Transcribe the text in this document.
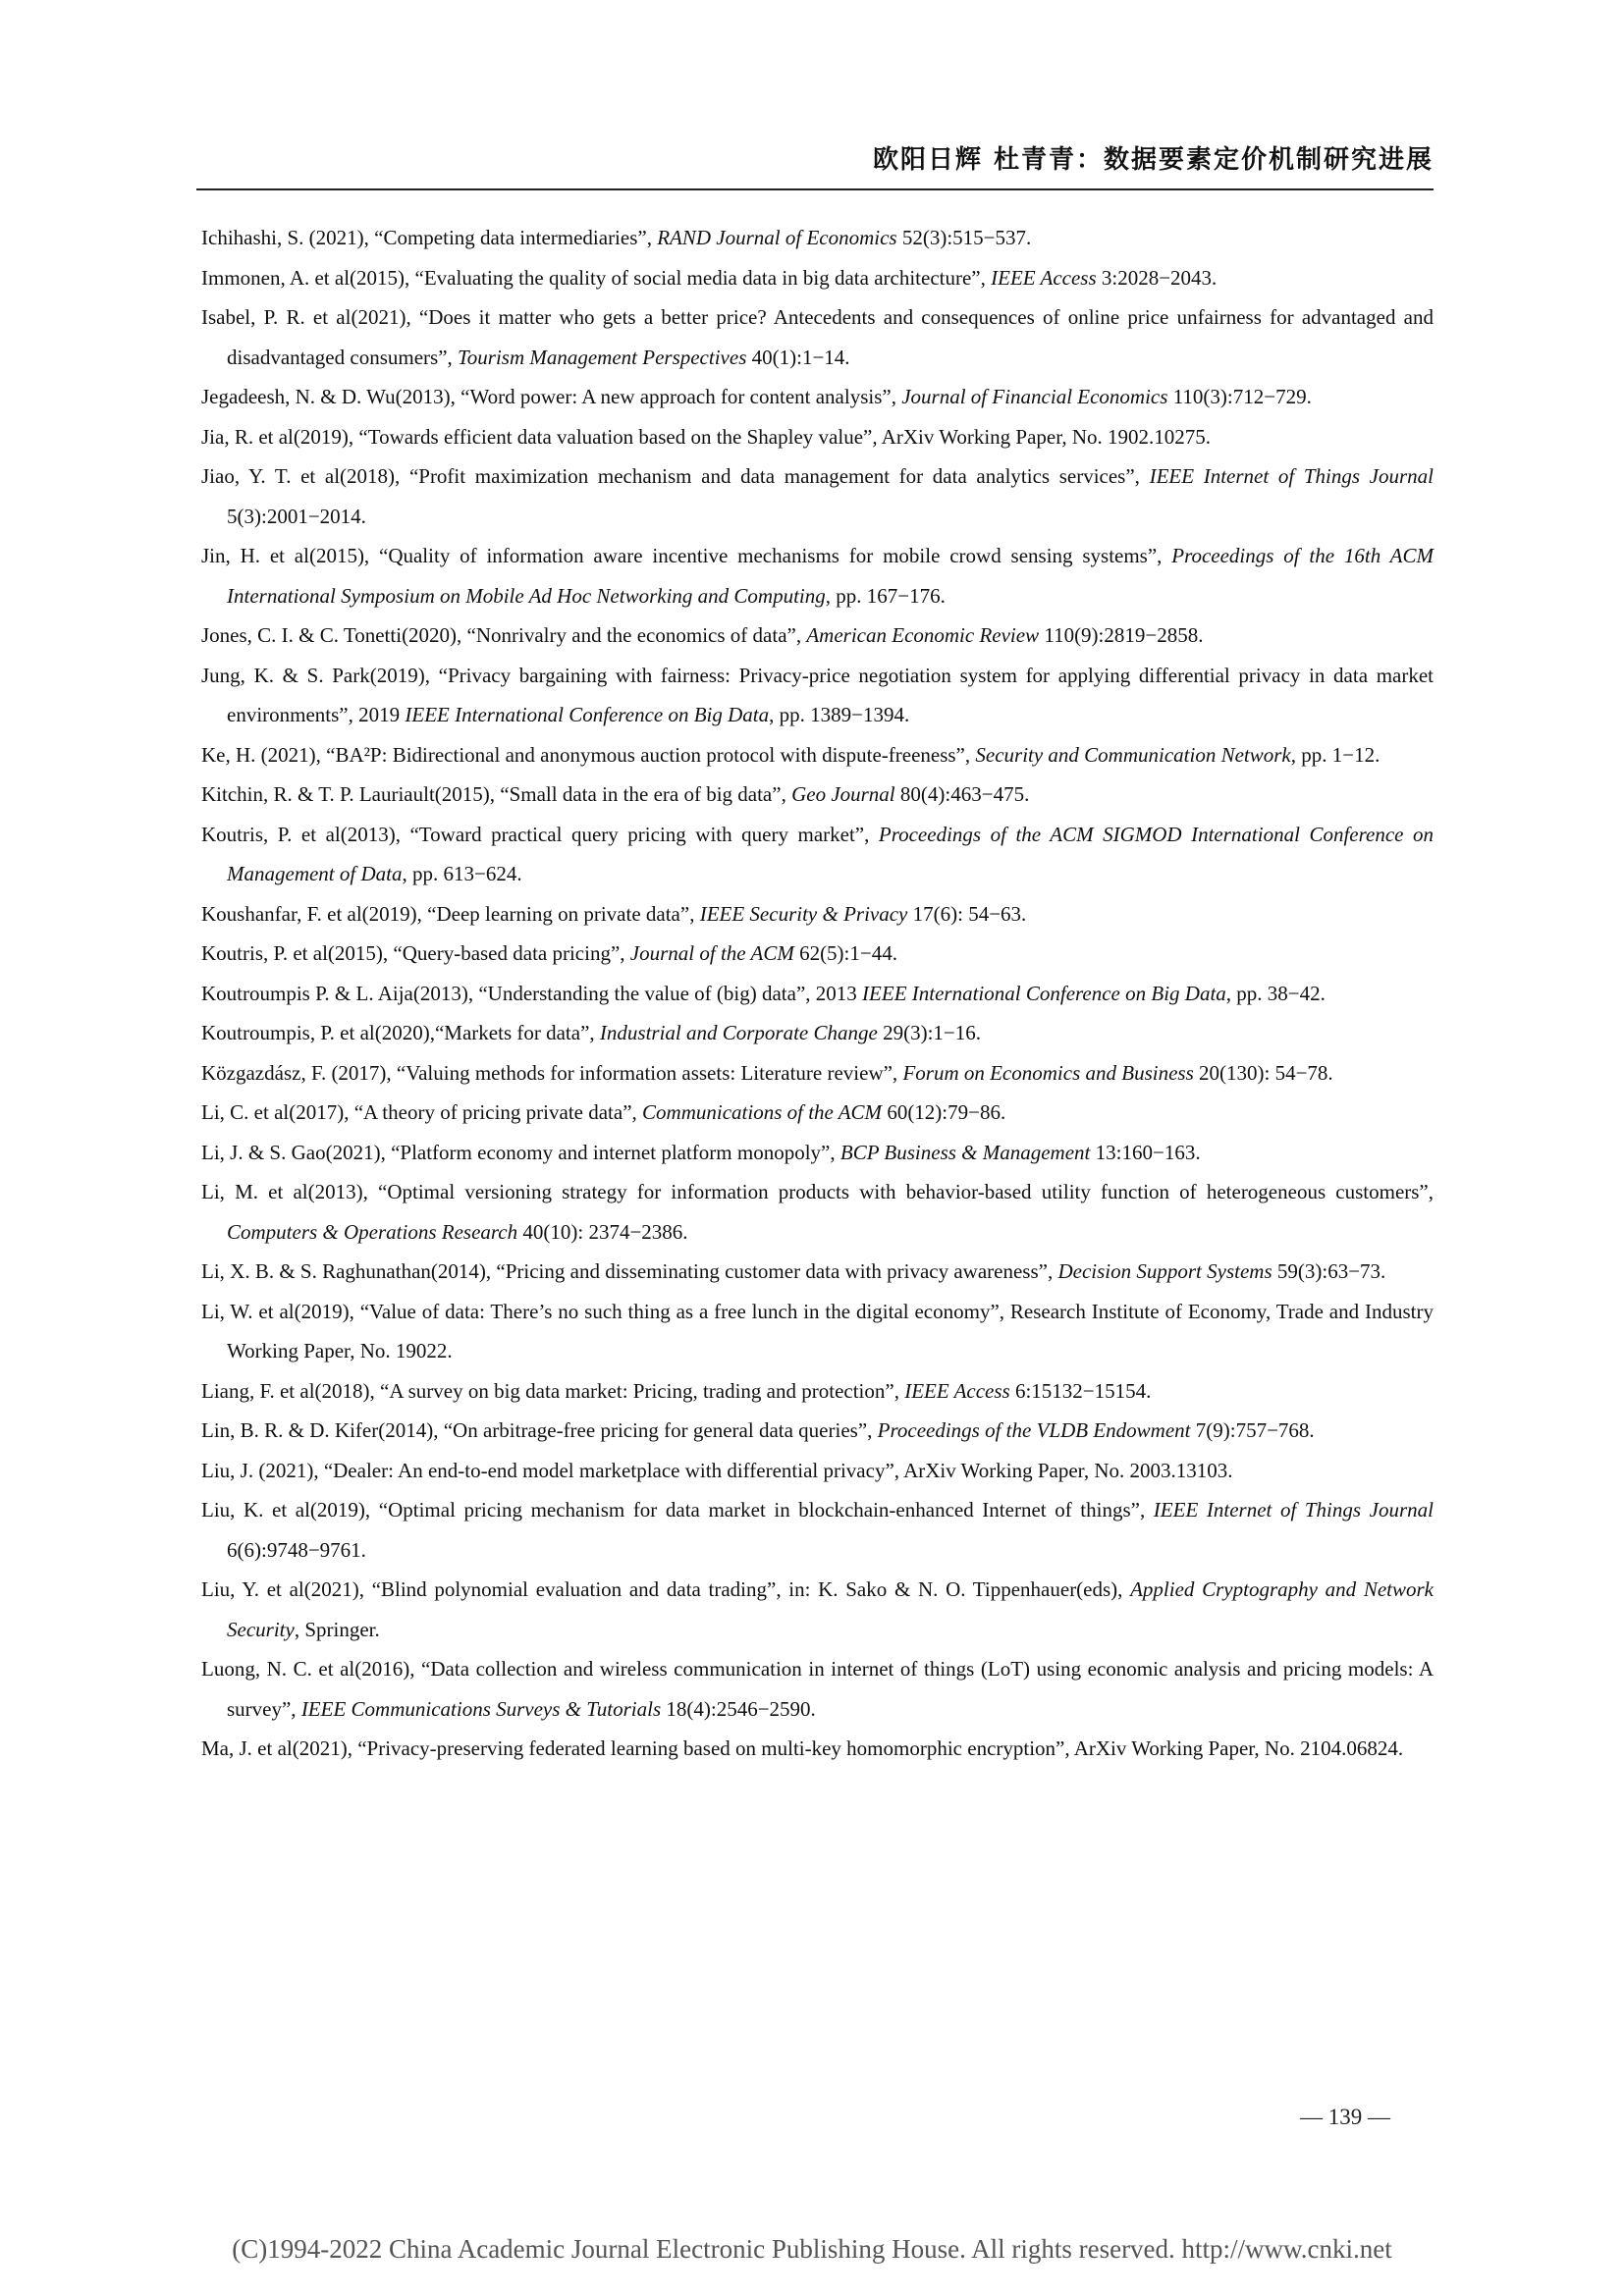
欧阳日辉 杜青青：数据要素定价机制研究进展
Ichihashi, S. (2021), “Competing data intermediaries”, RAND Journal of Economics 52(3):515−537.
Immonen, A. et al(2015), “Evaluating the quality of social media data in big data architecture”, IEEE Access 3:2028−2043.
Isabel, P. R. et al(2021), “Does it matter who gets a better price? Antecedents and consequences of online price unfairness for advantaged and disadvantaged consumers”, Tourism Management Perspectives 40(1):1−14.
Jegadeesh, N. & D. Wu(2013), “Word power: A new approach for content analysis”, Journal of Financial Economics 110(3):712−729.
Jia, R. et al(2019), “Towards efficient data valuation based on the Shapley value”, ArXiv Working Paper, No. 1902.10275.
Jiao, Y. T. et al(2018), “Profit maximization mechanism and data management for data analytics services”, IEEE Internet of Things Journal 5(3):2001−2014.
Jin, H. et al(2015), “Quality of information aware incentive mechanisms for mobile crowd sensing systems”, Proceedings of the 16th ACM International Symposium on Mobile Ad Hoc Networking and Computing, pp. 167−176.
Jones, C. I. & C. Tonetti(2020), “Nonrivalry and the economics of data”, American Economic Review 110(9):2819−2858.
Jung, K. & S. Park(2019), “Privacy bargaining with fairness: Privacy-price negotiation system for applying differential privacy in data market environments”, 2019 IEEE International Conference on Big Data, pp. 1389−1394.
Ke, H. (2021), “BA²P: Bidirectional and anonymous auction protocol with dispute-freeness”, Security and Communication Network, pp. 1−12.
Kitchin, R. & T. P. Lauriault(2015), “Small data in the era of big data”, Geo Journal 80(4):463−475.
Koutris, P. et al(2013), “Toward practical query pricing with query market”, Proceedings of the ACM SIGMOD International Conference on Management of Data, pp. 613−624.
Koushanfar, F. et al(2019), “Deep learning on private data”, IEEE Security & Privacy 17(6): 54−63.
Koutris, P. et al(2015), “Query-based data pricing”, Journal of the ACM 62(5):1−44.
Koutroumpis P. & L. Aija(2013), “Understanding the value of (big) data”, 2013 IEEE International Conference on Big Data, pp. 38−42.
Koutroumpis, P. et al(2020),“Markets for data”, Industrial and Corporate Change 29(3):1−16.
Közgazdász, F. (2017), “Valuing methods for information assets: Literature review”, Forum on Economics and Business 20(130): 54−78.
Li, C. et al(2017), “A theory of pricing private data”, Communications of the ACM 60(12):79−86.
Li, J. & S. Gao(2021), “Platform economy and internet platform monopoly”, BCP Business & Management 13:160−163.
Li, M. et al(2013), “Optimal versioning strategy for information products with behavior-based utility function of heterogeneous customers”, Computers & Operations Research 40(10): 2374−2386.
Li, X. B. & S. Raghunathan(2014), “Pricing and disseminating customer data with privacy awareness”, Decision Support Systems 59(3):63−73.
Li, W. et al(2019), “Value of data: There’s no such thing as a free lunch in the digital economy”, Research Institute of Economy, Trade and Industry Working Paper, No. 19022.
Liang, F. et al(2018), “A survey on big data market: Pricing, trading and protection”, IEEE Access 6:15132−15154.
Lin, B. R. & D. Kifer(2014), “On arbitrage-free pricing for general data queries”, Proceedings of the VLDB Endowment 7(9):757−768.
Liu, J. (2021), “Dealer: An end-to-end model marketplace with differential privacy”, ArXiv Working Paper, No. 2003.13103.
Liu, K. et al(2019), “Optimal pricing mechanism for data market in blockchain-enhanced Internet of things”, IEEE Internet of Things Journal 6(6):9748−9761.
Liu, Y. et al(2021), “Blind polynomial evaluation and data trading”, in: K. Sako & N. O. Tippenhauer(eds), Applied Cryptography and Network Security, Springer.
Luong, N. C. et al(2016), “Data collection and wireless communication in internet of things (LoT) using economic analysis and pricing models: A survey”, IEEE Communications Surveys & Tutorials 18(4):2546−2590.
Ma, J. et al(2021), “Privacy-preserving federated learning based on multi-key homomorphic encryption”, ArXiv Working Paper, No. 2104.06824.
— 139 —
(C)1994-2022 China Academic Journal Electronic Publishing House. All rights reserved. http://www.cnki.net
